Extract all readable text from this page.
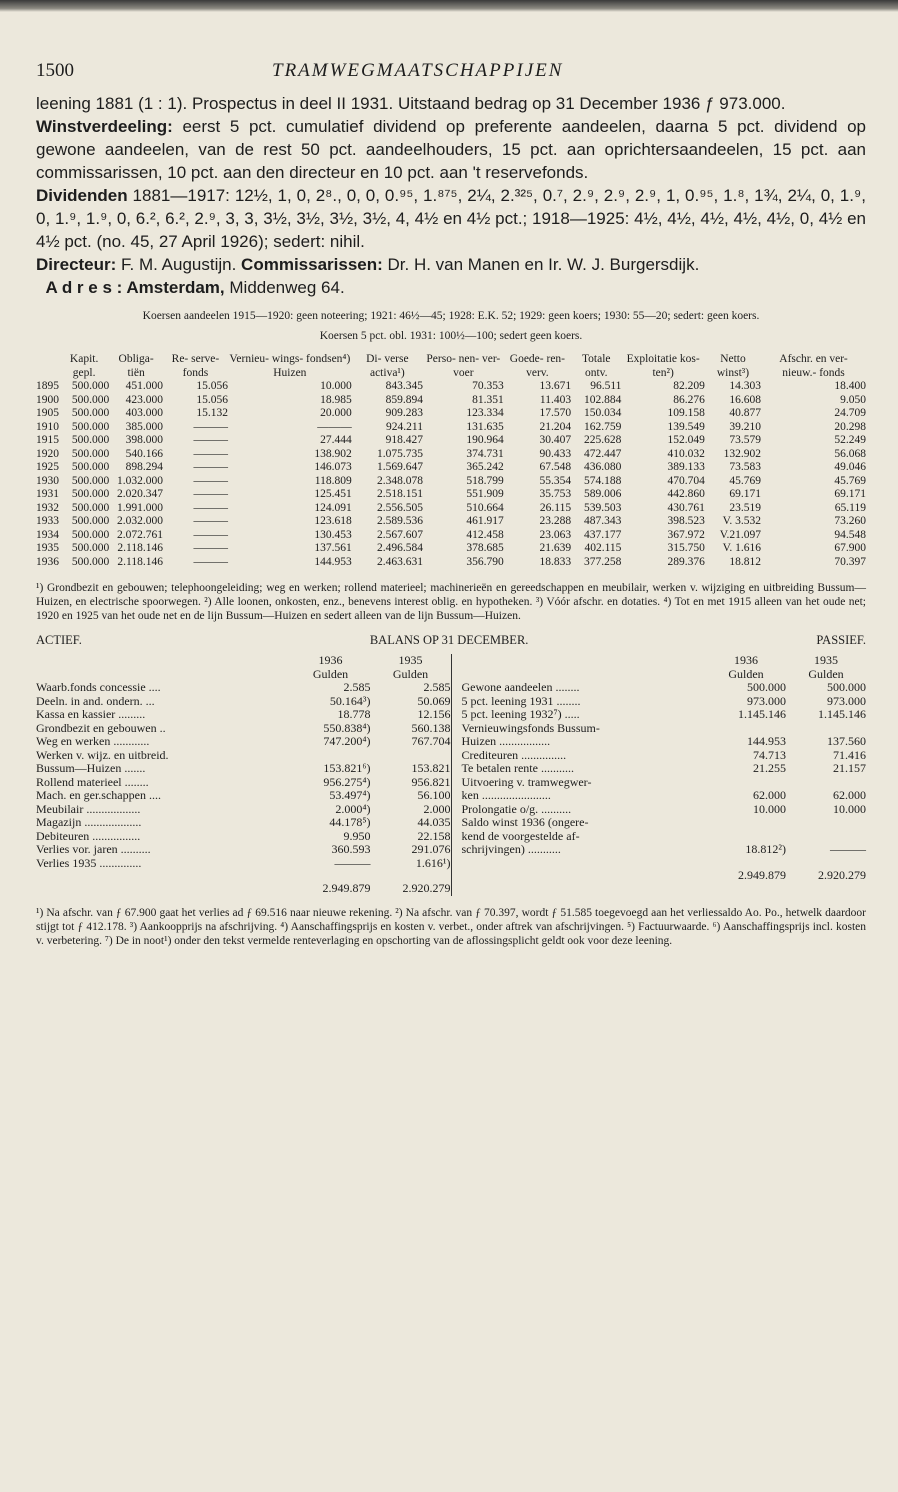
1500	TRAMWEGMAATSCHAPPIJEN

leening 1881 (1 : 1). Prospectus in deel II 1931. Uitstaand bedrag op 31 December 1936 ƒ 973.000.

Winstverdeeling: eerst 5 pct. cumulatief dividend op preferente aandeelen, daarna 5 pct. dividend op gewone aandeelen, van de rest 50 pct. aandeelhouders, 15 pct. aan oprichtersaandeelen, 15 pct. aan commissarissen, 10 pct. aan den directeur en 10 pct. aan 't reservefonds.

Dividenden 1881—1917: 12½, 1, 0, 2⁸., 0, 0, 0.⁹⁵, 1.⁸⁷⁵, 2¼, 2.³²⁵, 0.⁷, 2.⁹, 2.⁹, 2.⁹, 1, 0.⁹⁵, 1.⁸, 1¾, 2¼, 0, 1.⁹, 0, 1.⁹, 1.⁹, 0, 6.², 6.², 2.⁹, 3, 3, 3½, 3½, 3½, 3½, 4, 4½ en 4½ pct.; 1918—1925: 4½, 4½, 4½, 4½, 4½, 0, 4½ en 4½ pct. (no. 45, 27 April 1926); sedert: nihil.

Directeur: F. M. Augustijn. Commissarissen: Dr. H. van Manen en Ir. W. J. Burgersdijk.

A d r e s : Amsterdam, Middenweg 64.

Koersen aandeelen 1915—1920: geen noteering; 1921: 46½—45; 1928: E.K. 52; 1929: geen koers; 1930: 55—20; sedert: geen koers.
Koersen 5 pct. obl. 1931: 100½—100; sedert geen koers.
	Kapit. gepl.	Obliga- tiën	Re- serve- fonds	Vernieu- wings- fondsen⁴) Huizen	Di- verse activa¹)	Perso- nen- ver- voer	Goede- ren- verv.	Totale ontv.	Exploitatie kos- ten²)	Netto winst³)	Afschr. en ver- nieuw.- fonds
1895	500.000	451.000	15.056	10.000	843.345	70.353	13.671	96.511	82.209	14.303	18.400
1900	500.000	423.000	15.056	18.985	859.894	81.351	11.403	102.884	86.276	16.608	9.050
1905	500.000	403.000	15.132	20.000	909.283	123.334	17.570	150.034	109.158	40.877	24.709
1910	500.000	385.000	———	———	924.211	131.635	21.204	162.759	139.549	39.210	20.298
1915	500.000	398.000	———	27.444	918.427	190.964	30.407	225.628	152.049	73.579	52.249
1920	500.000	540.166	———	138.902	1.075.735	374.731	90.433	472.447	410.032	132.902	56.068
1925	500.000	898.294	———	146.073	1.569.647	365.242	67.548	436.080	389.133	73.583	49.046
1930	500.000	1.032.000	———	118.809	2.348.078	518.799	55.354	574.188	470.704	45.769	45.769
1931	500.000	2.020.347	———	125.451	2.518.151	551.909	35.753	589.006	442.860	69.171	69.171
1932	500.000	1.991.000	———	124.091	2.556.505	510.664	26.115	539.503	430.761	23.519	65.119
1933	500.000	2.032.000	———	123.618	2.589.536	461.917	23.288	487.343	398.523	V. 3.532	73.260
1934	500.000	2.072.761	———	130.453	2.567.607	412.458	23.063	437.177	367.972	V.21.097	94.548
1935	500.000	2.118.146	———	137.561	2.496.584	378.685	21.639	402.115	315.750	V. 1.616	67.900
1936	500.000	2.118.146	———	144.953	2.463.631	356.790	18.833	377.258	289.376	18.812	70.397
¹) Grondbezit en gebouwen; telephoongeleiding; weg en werken; rollend materieel; machinerieën en gereedschappen en meubilair, werken v. wijziging en uitbreiding Bussum—Huizen, en electrische spoorwegen. ²) Alle loonen, onkosten, enz., benevens interest oblig. en hypotheken. ³) Vóór afschr. en dotaties. ⁴) Tot en met 1915 alleen van het oude net; 1920 en 1925 van het oude net en de lijn Bussum—Huizen en sedert alleen van de lijn Bussum—Huizen.
ACTIEF.	BALANS OP 31 DECEMBER.	PASSIEF.
	1936	1935
	Gulden	Gulden
Waarb.fonds concessie ....	2.585	2.585
Deeln. in and. ondern. ...	50.164³)	50.069
Kassa en kassier .........	18.778	12.156
Grondbezit en gebouwen ..	550.838⁴)	560.138
Weg en werken ............	747.200⁴)	767.704
Werken v. wijz. en uitbreid.		
Bussum—Huizen .......	153.821⁶)	153.821
Rollend materieel ........	956.275⁴)	956.821
Mach. en ger.schappen ....	53.497⁴)	56.100
Meubilair ..................	2.000⁴)	2.000
Magazijn ...................	44.178⁵)	44.035
Debiteuren ................	9.950	22.158
Verlies vor. jaren ..........	360.593	291.076
Verlies 1935 ..............	———	1.616¹)
	2.949.879	2.920.279
	1936	1935
	Gulden	Gulden
Gewone aandeelen ........	500.000	500.000
5 pct. leening 1931 ........	973.000	973.000
5 pct. leening 1932⁷) .....	1.145.146	1.145.146
Vernieuwingsfonds Bussum-		
Huizen .................	144.953	137.560
Crediteuren ...............	74.713	71.416
Te betalen rente ...........	21.255	21.157
Uitvoering v. tramwegwer-		
ken .......................	62.000	62.000
Prolongatie o/g. ..........	10.000	10.000
Saldo winst 1936 (ongere-		
kend de voorgestelde af-		
schrijvingen) ...........	18.812²)	———
	2.949.879	2.920.279
¹) Na afschr. van ƒ 67.900 gaat het verlies ad ƒ 69.516 naar nieuwe rekening. ²) Na afschr. van ƒ 70.397, wordt ƒ 51.585 toegevoegd aan het verliessaldo Ao. Po., hetwelk daardoor stijgt tot ƒ 412.178. ³) Aankoopprijs na afschrijving. ⁴) Aanschaffingsprijs en kosten v. verbet., onder aftrek van afschrijvingen. ⁵) Factuurwaarde. ⁶) Aanschaffingsprijs incl. kosten v. verbetering. ⁷) De in noot¹) onder den tekst vermelde renteverlaging en opschorting van de aflossingsplicht geldt ook voor deze leening.
